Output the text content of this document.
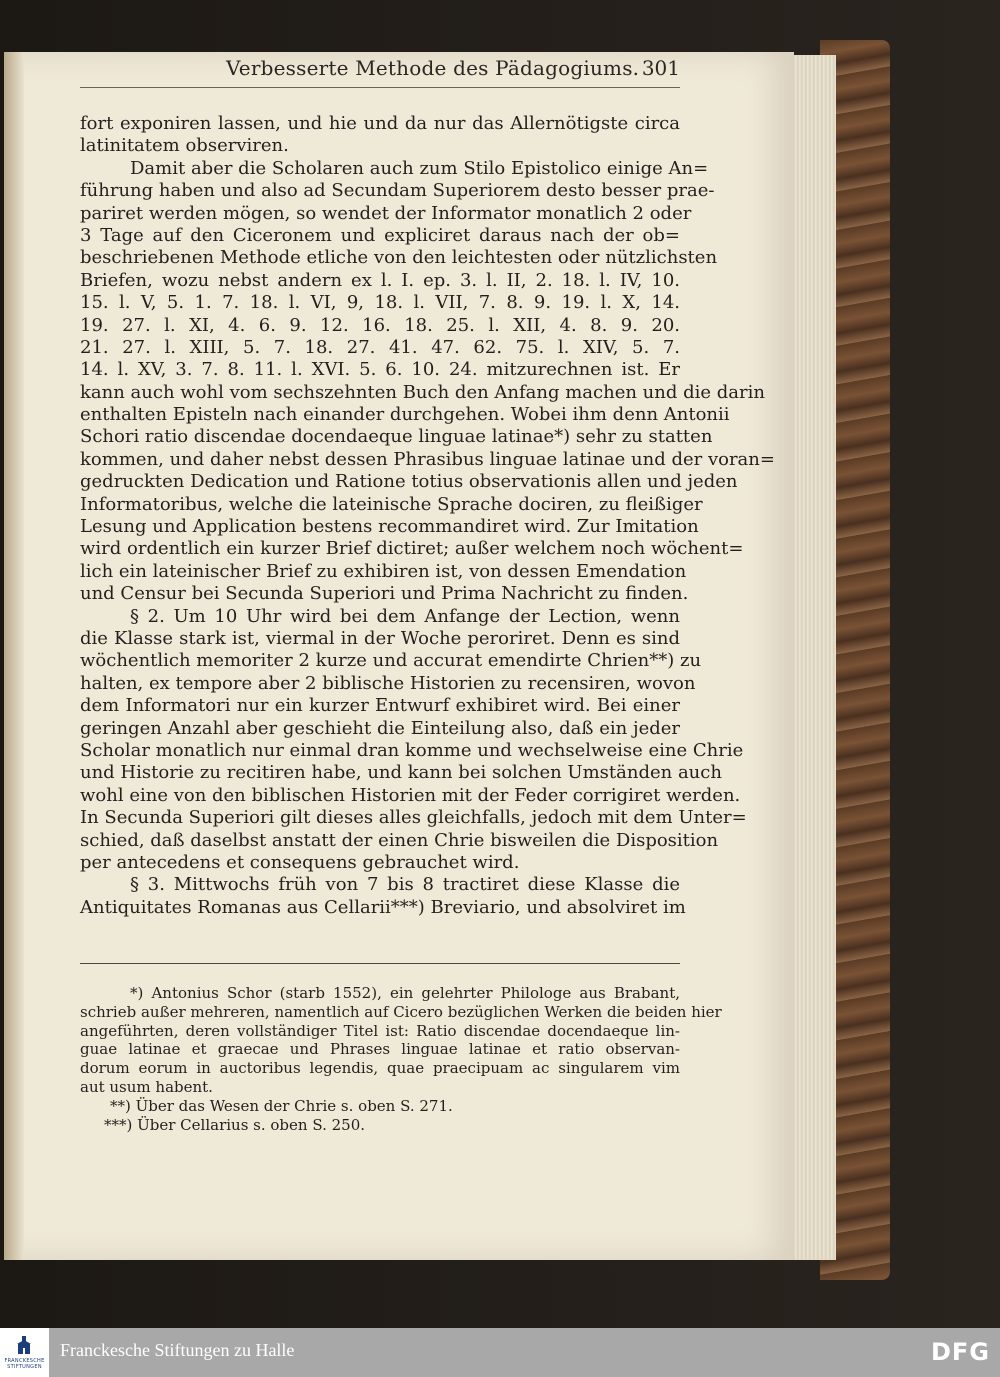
Verbesserte Methode des Pädagogiums. 301
fort exponiren lassen, und hie und da nur das Allernötigste circa
latinitatem observiren.
Damit aber die Scholaren auch zum Stilo Epistolico einige An=
führung haben und also ad Secundam Superiorem desto besser prae-
pariret werden mögen, so wendet der Informator monatlich 2 oder
3 Tage auf den Ciceronem und expliciret daraus nach der ob=
beschriebenen Methode etliche von den leichtesten oder nützlichsten
Briefen, wozu nebst andern ex l. I. ep. 3. l. II, 2. 18. l. IV, 10.
15. l. V, 5. 1. 7. 18. l. VI, 9, 18. l. VII, 7. 8. 9. 19. l. X, 14.
19. 27. l. XI, 4. 6. 9. 12. 16. 18. 25. l. XII, 4. 8. 9. 20.
21. 27. l. XIII, 5. 7. 18. 27. 41. 47. 62. 75. l. XIV, 5. 7.
14. l. XV, 3. 7. 8. 11. l. XVI. 5. 6. 10. 24. mitzurechnen ist. Er
kann auch wohl vom sechszehnten Buch den Anfang machen und die darin
enthalten Episteln nach einander durchgehen. Wobei ihm denn Antonii
Schori ratio discendae docendaeque linguae latinae*) sehr zu statten
kommen, und daher nebst dessen Phrasibus linguae latinae und der voran=
gedruckten Dedication und Ratione totius observationis allen und jeden
Informatoribus, welche die lateinische Sprache dociren, zu fleißiger
Lesung und Application bestens recommandiret wird. Zur Imitation
wird ordentlich ein kurzer Brief dictiret; außer welchem noch wöchent=
lich ein lateinischer Brief zu exhibiren ist, von dessen Emendation
und Censur bei Secunda Superiori und Prima Nachricht zu finden.
§ 2. Um 10 Uhr wird bei dem Anfange der Lection, wenn
die Klasse stark ist, viermal in der Woche peroriret. Denn es sind
wöchentlich memoriter 2 kurze und accurat emendirte Chrien**) zu
halten, ex tempore aber 2 biblische Historien zu recensiren, wovon
dem Informatori nur ein kurzer Entwurf exhibiret wird. Bei einer
geringen Anzahl aber geschieht die Einteilung also, daß ein jeder
Scholar monatlich nur einmal dran komme und wechselweise eine Chrie
und Historie zu recitiren habe, und kann bei solchen Umständen auch
wohl eine von den biblischen Historien mit der Feder corrigiret werden.
In Secunda Superiori gilt dieses alles gleichfalls, jedoch mit dem Unter=
schied, daß daselbst anstatt der einen Chrie bisweilen die Disposition
per antecedens et consequens gebrauchet wird.
§ 3. Mittwochs früh von 7 bis 8 tractiret diese Klasse die
Antiquitates Romanas aus Cellarii***) Breviario, und absolviret im
*) Antonius Schor (starb 1552), ein gelehrter Philologe aus Brabant,
schrieb außer mehreren, namentlich auf Cicero bezüglichen Werken die beiden hier
angeführten, deren vollständiger Titel ist: Ratio discendae docendaeque lin-
guae latinae et graecae und Phrases linguae latinae et ratio observan-
dorum eorum in auctoribus legendis, quae praecipuam ac singularem vim
aut usum habent.
**) Über das Wesen der Chrie s. oben S. 271.
***) Über Cellarius s. oben S. 250.
FRANCKESCHE STIFTUNGEN
Franckesche Stiftungen zu Halle	DFG
